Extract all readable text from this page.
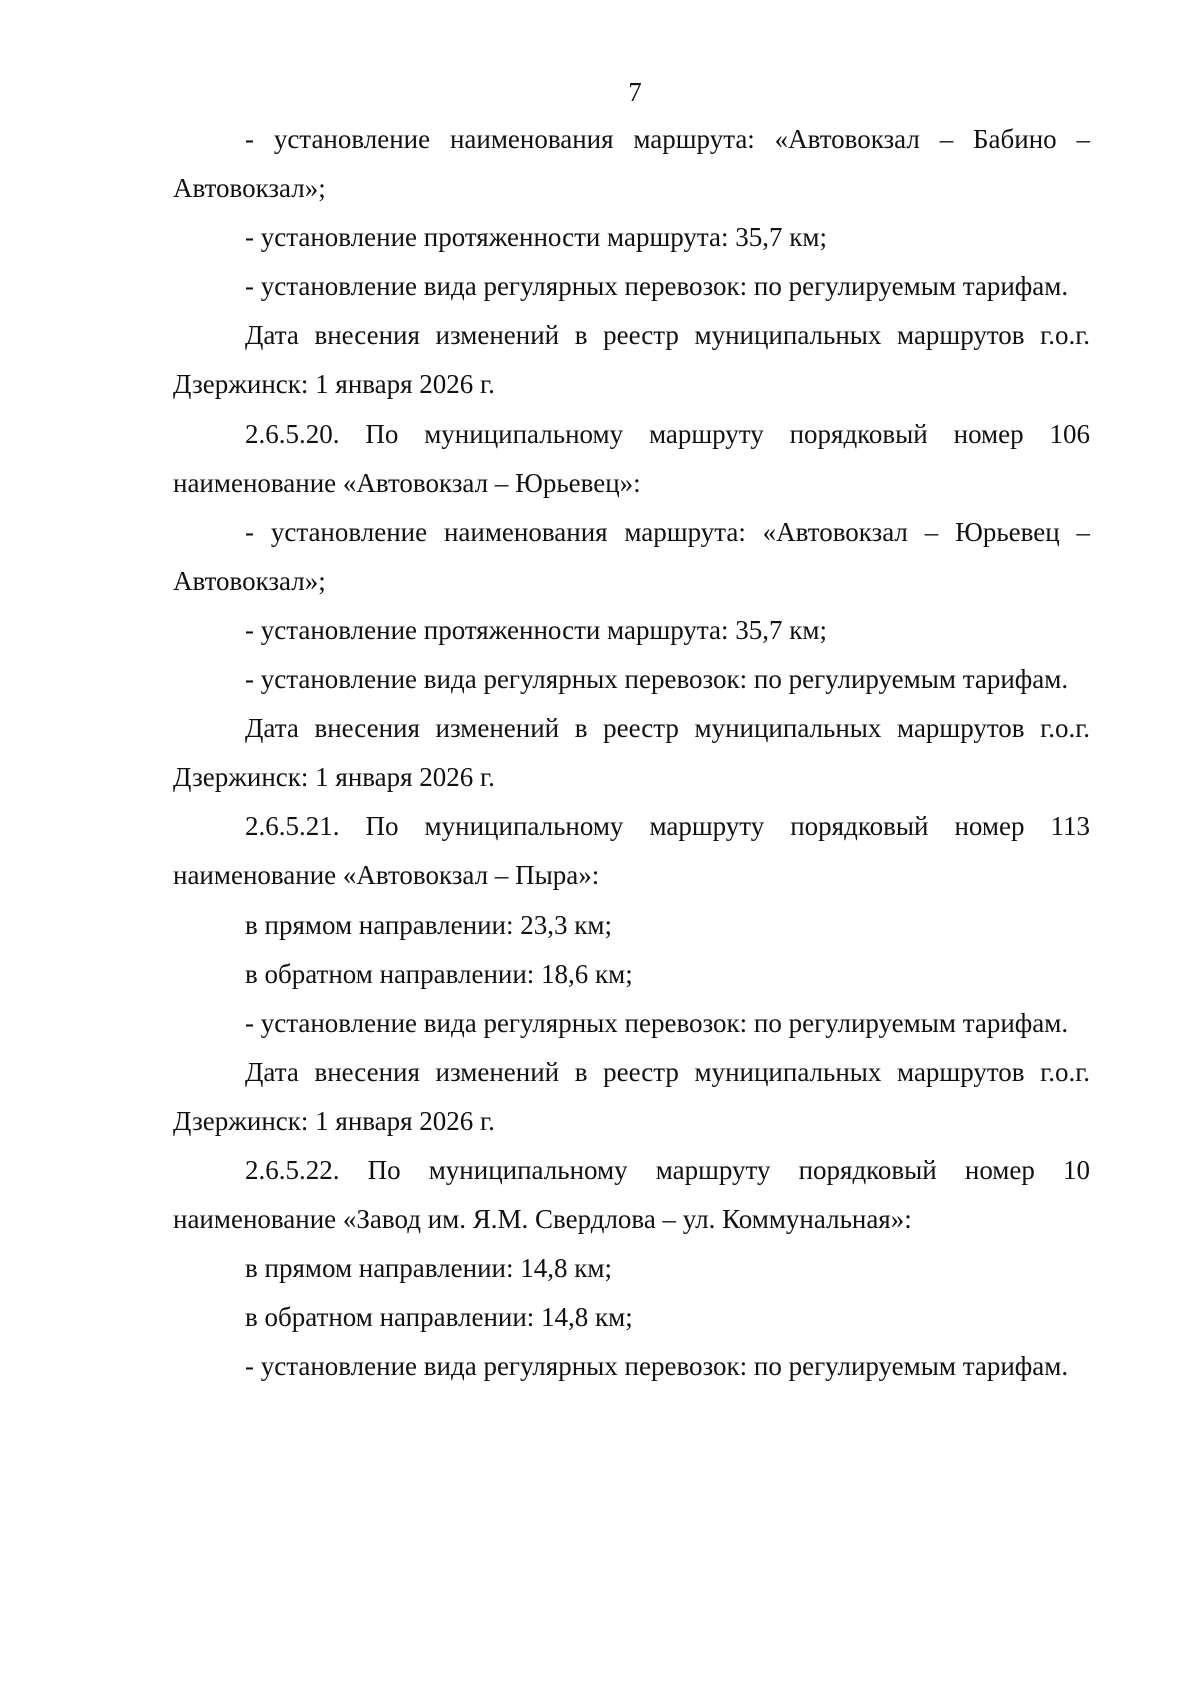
7

- установление наименования маршрута: «Автовокзал – Бабино – Автовокзал»;

- установление протяженности маршрута: 35,7 км;

- установление вида регулярных перевозок: по регулируемым тарифам.

Дата внесения изменений в реестр муниципальных маршрутов г.о.г. Дзержинск: 1 января 2026 г.

2.6.5.20. По муниципальному маршруту порядковый номер 106 наименование «Автовокзал – Юрьевец»:

- установление наименования маршрута: «Автовокзал – Юрьевец – Автовокзал»;

- установление протяженности маршрута: 35,7 км;

- установление вида регулярных перевозок: по регулируемым тарифам.

Дата внесения изменений в реестр муниципальных маршрутов г.о.г. Дзержинск: 1 января 2026 г.

2.6.5.21. По муниципальному маршруту порядковый номер 113 наименование «Автовокзал – Пыра»:

в прямом направлении: 23,3 км;

в обратном направлении: 18,6 км;

- установление вида регулярных перевозок: по регулируемым тарифам.

Дата внесения изменений в реестр муниципальных маршрутов г.о.г. Дзержинск: 1 января 2026 г.

2.6.5.22. По муниципальному маршруту порядковый номер 10 наименование «Завод им. Я.М. Свердлова – ул. Коммунальная»:

в прямом направлении: 14,8 км;

в обратном направлении: 14,8 км;

- установление вида регулярных перевозок: по регулируемым тарифам.
